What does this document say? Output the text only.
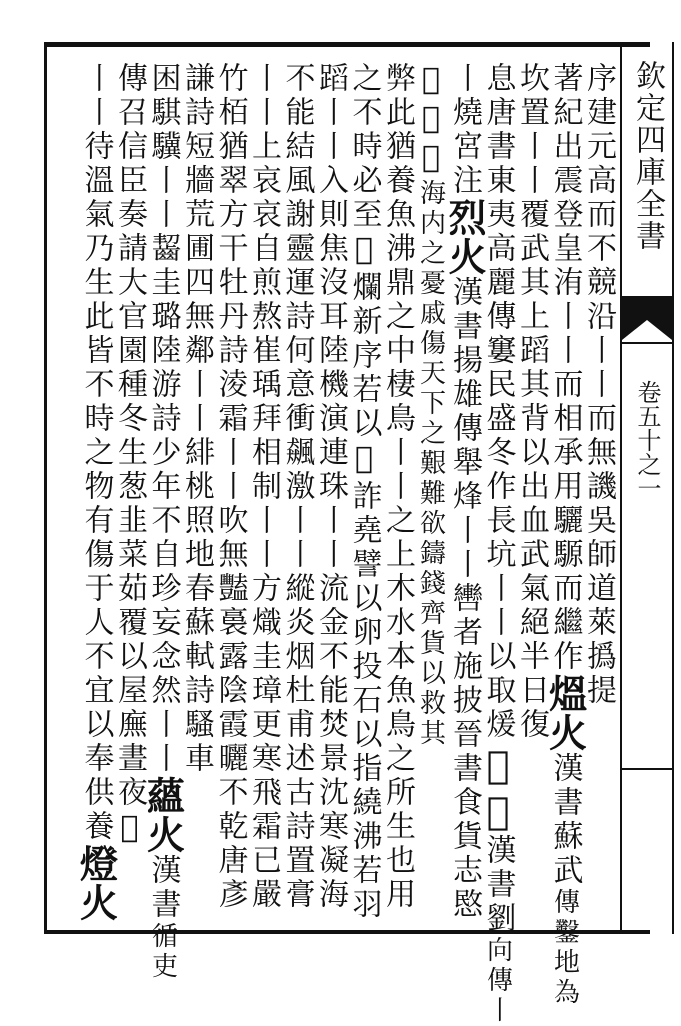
欽定四庫全書
卷五十之一
序建元高而不競沿丨丨而無譏吳師道萊撝提
著紀出震登皇洧丨丨而相承用驪騵而繼作熅火漢書蘇武傳鑿地為
坎置丨丨覆武其上蹈其背以出血武氣絕半日復
息唐書東夷高麗傳窶民盛冬作長坑丨丨以取煖𦶜火漢書劉向傳丨
丨燒宮注烈火漢書揚雄傳舉烽丨丨轡者施披晉書食貨志愍
𦶜灾也海内之憂戚傷天下之艱難欲鑄錢齊貨以救其
弊此猶養魚沸鼎之中棲鳥丨丨之上木水本魚鳥之所生也用
之不時必至𤇊爛新序若以𤇊詐堯譬以卵投石以指繞沸若羽
蹈丨丨入則焦沒耳陸機演連珠丨丨流金不能焚景沈寒凝海
不能結風謝靈運詩何意衝飆激丨丨縱炎烟杜甫述古詩置膏
丨丨上哀哀自煎熬崔瑀拜相制丨丨方熾圭璋更寒飛霜已嚴
竹栢猶翠方干牡丹詩淩霜丨丨吹無豔裛露陰霞曬不乾唐彥
謙詩短牆荒圃四無鄰丨丨緋桃照地春蘇軾詩騷車
困騏驥丨丨齧圭璐陸游詩少年不自珍妄念然丨丨蘊火漢書循吏
傳召信臣奏請大官園種冬生葱韭菜茹覆以屋廡晝夜𤇊
丨丨待溫氣乃生此皆不時之物有傷于人不宜以奉供養燈火
